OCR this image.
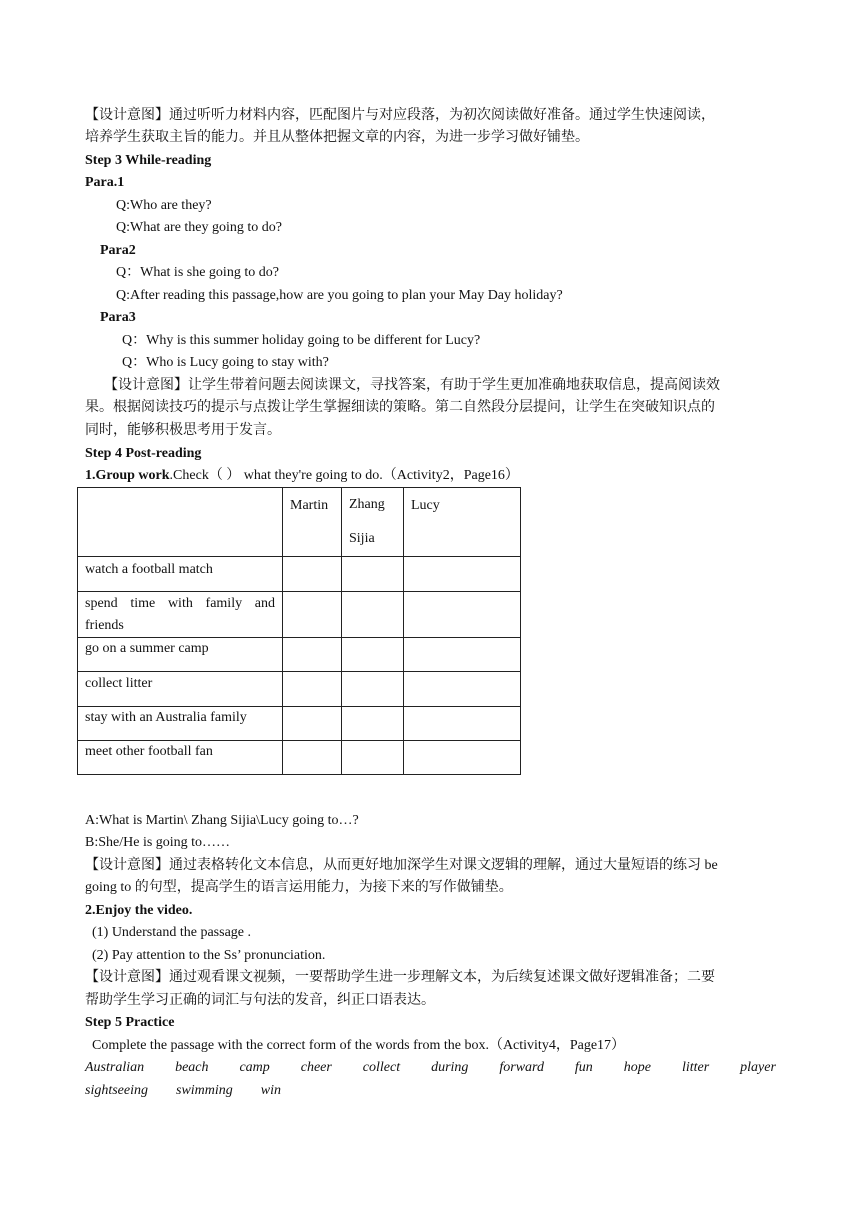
【设计意图】通过听听力材料内容，匹配图片与对应段落，为初次阅读做好准备。通过学生快速阅读，
培养学生获取主旨的能力。并且从整体把握文章的内容，为进一步学习做好铺垫。
Step 3 While-reading
Para.1
Q:Who are they?
Q:What are they going to do?
Para2
Q：What is she going to do?
Q:After reading this passage,how are you going to plan your May Day holiday?
Para3
Q：Why is this summer holiday going to be different for Lucy?
Q：Who is Lucy going to stay with?
【设计意图】让学生带着问题去阅读课文，寻找答案，有助于学生更加准确地获取信息，提高阅读效
果。根据阅读技巧的提示与点拨让学生掌握细读的策略。第二自然段分层提问，让学生在突破知识点的
同时，能够积极思考用于发言。
Step 4 Post-reading
1.Group work.Check（ ） what they're going to do.（Activity2，Page16）
	Martin	Zhang Sijia	Lucy
watch a football match			
spend time with family and friends			
go on a summer camp			
collect litter			
stay with an Australia family			
meet other football fan			
A:What is Martin\ Zhang Sijia\Lucy going to…?
B:She/He is going to……
【设计意图】通过表格转化文本信息，从而更好地加深学生对课文逻辑的理解，通过大量短语的练习 be
going to 的句型，提高学生的语言运用能力，为接下来的写作做铺垫。
2.Enjoy the video.
(1) Understand the passage .
(2) Pay attention to the Ss’ pronunciation.
【设计意图】通过观看课文视频，一要帮助学生进一步理解文本，为后续复述课文做好逻辑准备；二要
帮助学生学习正确的词汇与句法的发音，纠正口语表达。
Step 5 Practice
Complete the passage with the correct form of the words from the box.（Activity4，Page17）
Australian beach camp cheer collect during forward fun hope litter player
sightseeing swimming win
